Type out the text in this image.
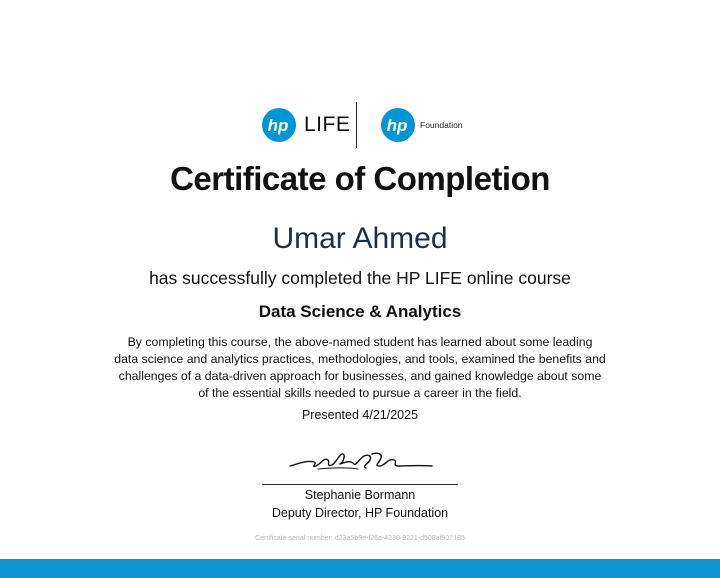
hp LIFE hp Foundation
Certificate of Completion
Umar Ahmed
has successfully completed the HP LIFE online course
Data Science & Analytics
By completing this course, the above-named student has learned about some leading
data science and analytics practices, methodologies, and tools, examined the benefits and
challenges of a data-driven approach for businesses, and gained knowledge about some
of the essential skills needed to pursue a career in the field.
Presented 4/21/2025
Stephanie Bormann
Deputy Director, HP Foundation
Certificate serial number: d23a5b9e-f26a-4230-9221-d508af907185
